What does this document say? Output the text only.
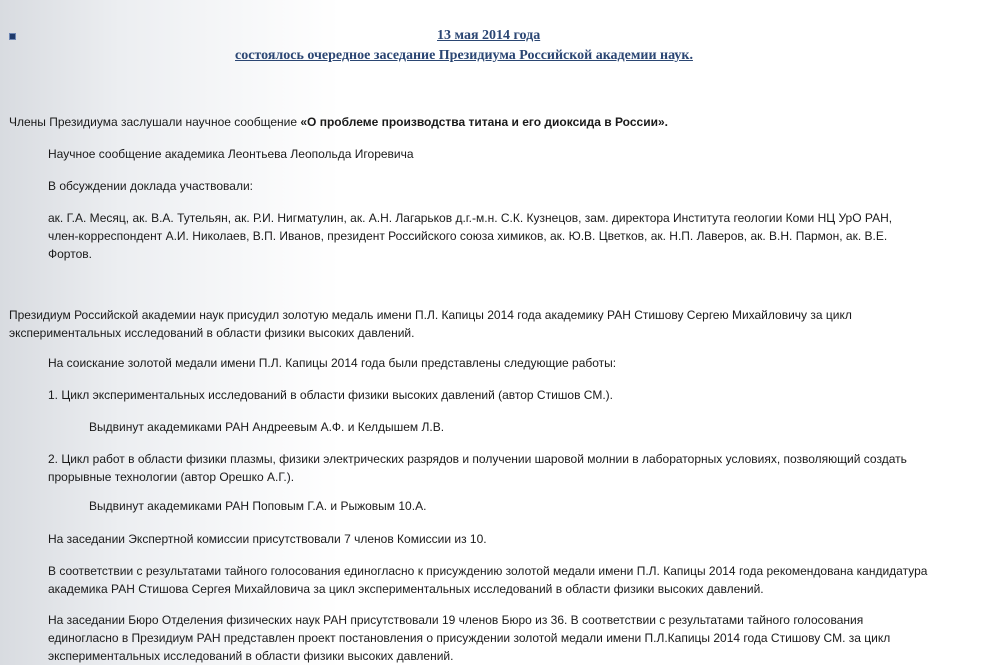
13 мая 2014 года
состоялось очередное заседание Президиума Российской академии наук.
Члены Президиума заслушали научное сообщение «О проблеме производства титана и его диоксида в России».
Научное сообщение академика Леонтьева Леопольда Игоревича
В обсуждении доклада участвовали:
ак. Г.А. Месяц, ак. В.А. Тутельян, ак. Р.И. Нигматулин, ак. А.Н. Лагарьков д.г.-м.н. С.К. Кузнецов, зам. директора Института геологии Коми НЦ УрО РАН,
член-корреспондент А.И. Николаев, В.П. Иванов, президент Российского союза химиков, ак. Ю.В. Цветков, ак. Н.П. Лаверов, ак. В.Н. Пармон, ак. В.Е.
Фортов.
Президиум Российской академии наук присудил золотую медаль имени П.Л. Капицы 2014 года академику РАН Стишову Сергею Михайловичу за цикл
экспериментальных исследований в области физики высоких давлений.
На соискание золотой медали имени П.Л. Капицы 2014 года были представлены следующие работы:
1. Цикл экспериментальных исследований в области физики высоких давлений (автор Стишов СМ.).
Выдвинут академиками РАН Андреевым А.Ф. и Келдышем Л.В.
2. Цикл работ в области физики плазмы, физики электрических разрядов и получении шаровой молнии в лабораторных условиях, позволяющий создать
прорывные технологии (автор Орешко А.Г.).
Выдвинут академиками РАН Поповым Г.А. и Рыжовым 10.А.
На заседании Экспертной комиссии присутствовали 7 членов Комиссии из 10.
В соответствии с результатами тайного голосования единогласно к присуждению золотой медали имени П.Л. Капицы 2014 года рекомендована кандидатура
академика РАН Стишова Сергея Михайловича за цикл экспериментальных исследований в области физики высоких давлений.
На заседании Бюро Отделения физических наук РАН присутствовали 19 членов Бюро из 36. В соответствии с результатами тайного голосования
единогласно в Президиум РАН представлен проект постановления о присуждении золотой медали имени П.Л.Капицы 2014 года Стишову СМ. за цикл
экспериментальных исследований в области физики высоких давлений.
